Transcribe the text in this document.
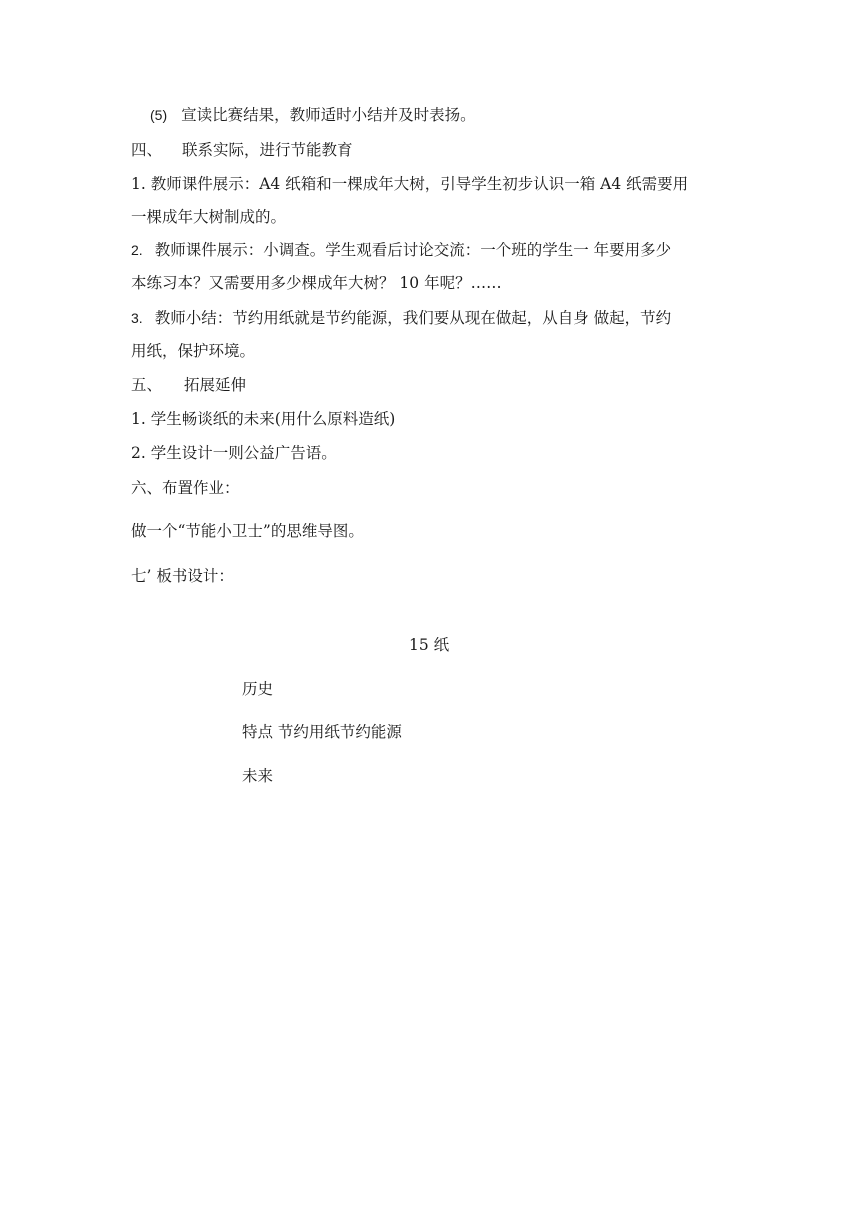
(5) 宣读比赛结果，教师适时小结并及时表扬。
四、 联系实际，进行节能教育
1. 教师课件展示：A4 纸箱和一棵成年大树，引导学生初步认识一箱 A4 纸需要用
一棵成年大树制成的。
2. 教师课件展示：小调查。学生观看后讨论交流：一个班的学生一 年要用多少
本练习本？又需要用多少棵成年大树？ 10 年呢？……
3. 教师小结：节约用纸就是节约能源，我们要从现在做起，从自身 做起，节约
用纸，保护环境。
五、 拓展延伸
1. 学生畅谈纸的未来(用什么原料造纸)
2. 学生设计一则公益广告语。
六、布置作业：
做一个“节能小卫士”的思维导图。
七’ 板书设计：
15 纸
历史
特点 节约用纸节约能源
未来
